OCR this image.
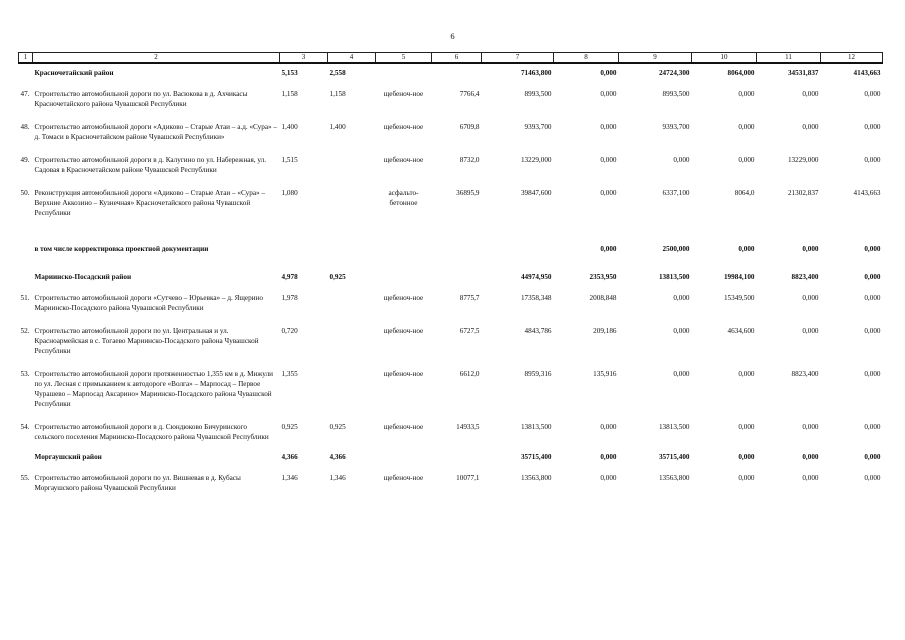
6
1	2	3	4	5	6	7	8	9	10	11	12
	Красночетайский район	5,153	2,558			71463,800	0,000	24724,300	8064,000	34531,837	4143,663
47.	Строительство автомобильной дороги по ул. Васюкова в д. Ахчикасы Красночетайского района Чувашской Республики	1,158	1,158	щебеноч-ное	7766,4	8993,500	0,000	8993,500	0,000	0,000	0,000
48.	Строительство автомобильной дороги «Адиково – Старые Атаи – а.д. «Сура» – д. Томаси в Красночетайском районе Чувашской Республики»	1,400	1,400	щебеноч-ное	6709,8	9393,700	0,000	9393,700	0,000	0,000	0,000
49.	Строительство автомобильной дороги в д. Калугино по ул. Набережная, ул. Садовая в Красночетайском районе Чувашской Республики	1,515		щебеноч-ное	8732,0	13229,000	0,000	0,000	0,000	13229,000	0,000
50.	Реконструкция автомобильной дороги «Адиково – Старые Атаи – «Сура» – Верхние Аккозино – Кузнечная» Красночетайского района Чувашской Республики	1,080		асфальто-бетонное	36895,9	39847,600	0,000	6337,100	8064,0	21302,837	4143,663
	в том числе корректировка проектной документации						0,000	2500,000	0,000	0,000	0,000
	Мариинско-Посадский район	4,978	0,925			44974,950	2353,950	13813,500	19984,100	8823,400	0,000
51.	Строительство автомобильной дороги «Сутчево – Юрьевка» – д. Ящерино Мариинско-Посадского района Чувашской Республики	1,978		щебеноч-ное	8775,7	17358,348	2008,848	0,000	15349,500	0,000	0,000
52.	Строительство автомобильной дороги по ул. Центральная и ул. Красноармейская в с. Тогаево Мариинско-Посадского района Чувашской Республики	0,720		щебеноч-ное	6727,5	4843,786	209,186	0,000	4634,600	0,000	0,000
53.	Строительство автомобильной дороги протяженностью 1,355 км в д. Мижули по ул. Лесная с примыканием к автодороге «Волга» – Марпосад – Первое Чурашево – Марпосад Аксарино» Мариинско-Посадского района Чувашской Республики	1,355		щебеноч-ное	6612,0	8959,316	135,916	0,000	0,000	8823,400	0,000
54.	Строительство автомобильной дороги в д. Сюндюково Бичуринского сельского поселения Мариинско-Посадского района Чувашской Республики	0,925	0,925	щебеноч-ное	14933,5	13813,500	0,000	13813,500	0,000	0,000	0,000
	Моргаушский район	4,366	4,366			35715,400	0,000	35715,400	0,000	0,000	0,000
55.	Строительство автомобильной дороги по ул. Вишневая в д. Кубасы Моргаушского района Чувашской Республики	1,346	1,346	щебеноч-ное	10077,1	13563,800	0,000	13563,800	0,000	0,000	0,000
